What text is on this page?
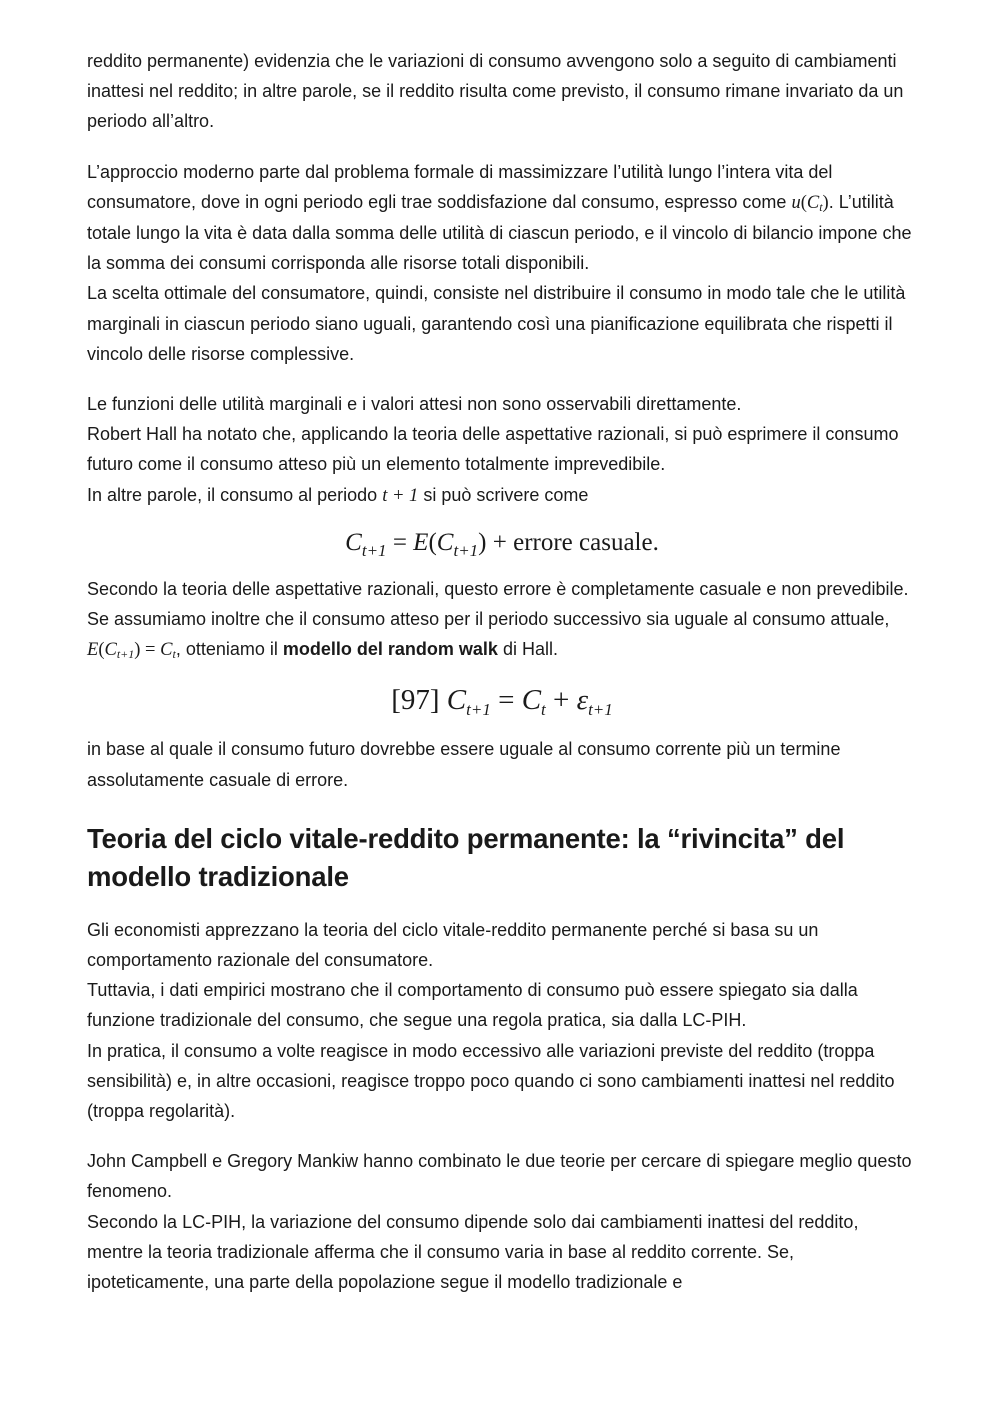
reddito permanente) evidenzia che le variazioni di consumo avvengono solo a seguito di cambiamenti inattesi nel reddito; in altre parole, se il reddito risulta come previsto, il consumo rimane invariato da un periodo all’altro.

L’approccio moderno parte dal problema formale di massimizzare l’utilità lungo l’intera vita del consumatore, dove in ogni periodo egli trae soddisfazione dal consumo, espresso come $u(C_t)$. L’utilità totale lungo la vita è data dalla somma delle utilità di ciascun periodo, e il vincolo di bilancio impone che la somma dei consumi corrisponda alle risorse totali disponibili.

La scelta ottimale del consumatore, quindi, consiste nel distribuire il consumo in modo tale che le utilità marginali in ciascun periodo siano uguali, garantendo così una pianificazione equilibrata che rispetti il vincolo delle risorse complessive.

Le funzioni delle utilità marginali e i valori attesi non sono osservabili direttamente.

Robert Hall ha notato che, applicando la teoria delle aspettative razionali, si può esprimere il consumo futuro come il consumo atteso più un elemento totalmente imprevedibile.

In altre parole, il consumo al periodo t + 1 si può scrivere come

$C_{t+1} = E(C_{t+1})$ + errore casuale.

Secondo la teoria delle aspettative razionali, questo errore è completamente casuale e non prevedibile.

Se assumiamo inoltre che il consumo atteso per il periodo successivo sia uguale al consumo attuale, $E(C_{t+1}) = C_t$, otteniamo il modello del random walk di Hall.

[97] $C_{t+1} = C_t + \varepsilon_{t+1}$

in base al quale il consumo futuro dovrebbe essere uguale al consumo corrente più un termine assolutamente casuale di errore.

Teoria del ciclo vitale-reddito permanente: la “rivincita” del modello tradizionale

Gli economisti apprezzano la teoria del ciclo vitale-reddito permanente perché si basa su un comportamento razionale del consumatore.

Tuttavia, i dati empirici mostrano che il comportamento di consumo può essere spiegato sia dalla funzione tradizionale del consumo, che segue una regola pratica, sia dalla LC-PIH.

In pratica, il consumo a volte reagisce in modo eccessivo alle variazioni previste del reddito (troppa sensibilità) e, in altre occasioni, reagisce troppo poco quando ci sono cambiamenti inattesi nel reddito (troppa regolarità).

John Campbell e Gregory Mankiw hanno combinato le due teorie per cercare di spiegare meglio questo fenomeno.

Secondo la LC-PIH, la variazione del consumo dipende solo dai cambiamenti inattesi del reddito, mentre la teoria tradizionale afferma che il consumo varia in base al reddito corrente. Se, ipoteticamente, una parte della popolazione segue il modello tradizionale e
